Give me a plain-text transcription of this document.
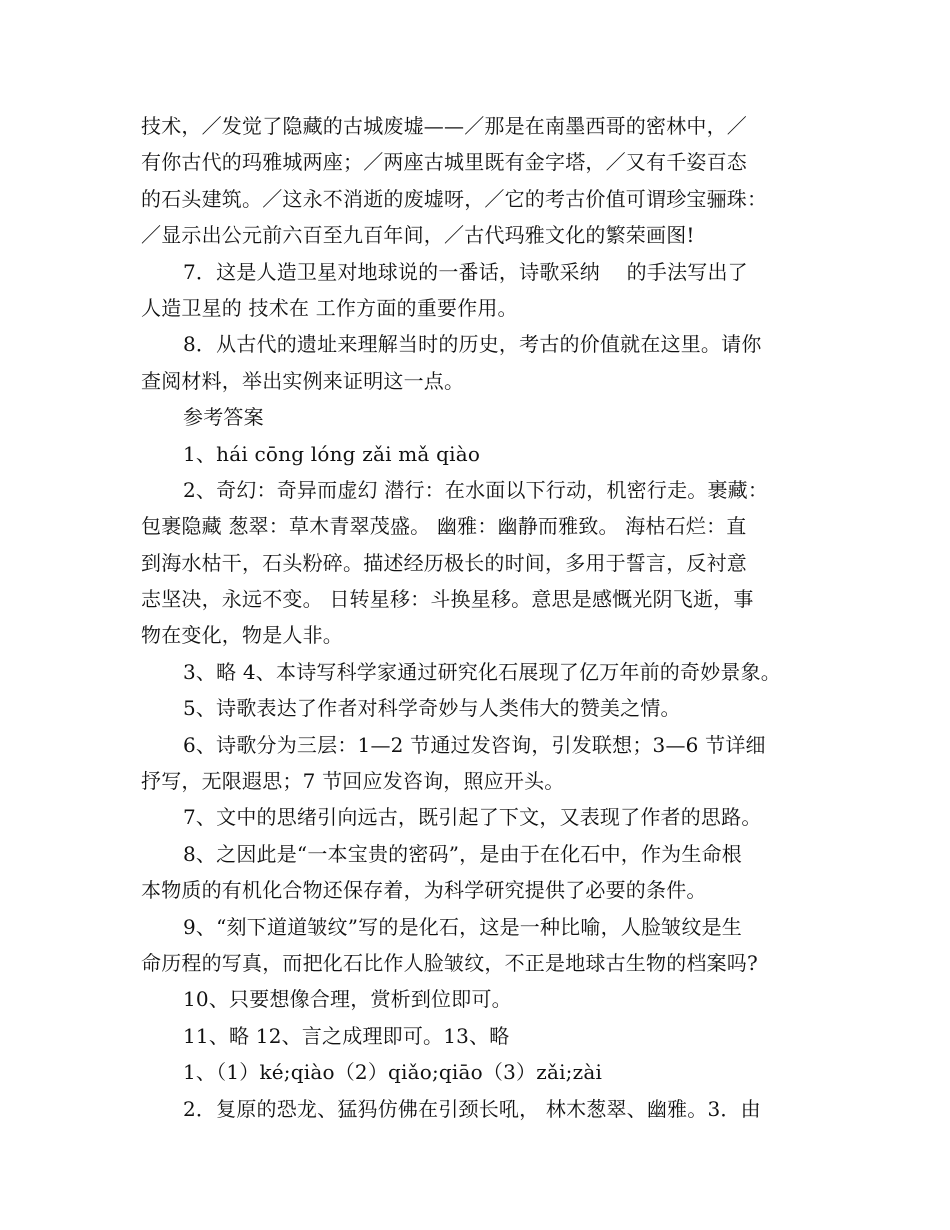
技术，／发觉了隐藏的古城废墟——／那是在南墨西哥的密林中，／
有你古代的玛雅城两座；／两座古城里既有金字塔，／又有千姿百态
的石头建筑。／这永不消逝的废墟呀，／它的考古价值可谓珍宝骊珠：
／显示出公元前六百至九百年间，／古代玛雅文化的繁荣画图!
7．这是人造卫星对地球说的一番话，诗歌采纳　 的手法写出了
人造卫星的 技术在 工作方面的重要作用。
8．从古代的遗址来理解当时的历史，考古的价值就在这里。请你
查阅材料，举出实例来证明这一点。
参考答案
1、hái cōng lóng zǎi mǎ qiào
2、奇幻：奇异而虚幻 潜行：在水面以下行动，机密行走。裹藏：
包裹隐藏 葱翠：草木青翠茂盛。 幽雅：幽静而雅致。 海枯石烂：直
到海水枯干，石头粉碎。描述经历极长的时间，多用于誓言，反衬意
志坚决，永远不变。 日转星移：斗换星移。意思是感慨光阴飞逝，事
物在变化，物是人非。
3、略 4、本诗写科学家通过研究化石展现了亿万年前的奇妙景象。
5、诗歌表达了作者对科学奇妙与人类伟大的赞美之情。
6、诗歌分为三层：1—2 节通过发咨询，引发联想；3—6 节详细
抒写，无限遐思；7 节回应发咨询，照应开头。
7、文中的思绪引向远古，既引起了下文，又表现了作者的思路。
8、之因此是“一本宝贵的密码”，是由于在化石中，作为生命根
本物质的有机化合物还保存着，为科学研究提供了必要的条件。
9、“刻下道道皱纹”写的是化石，这是一种比喻，人脸皱纹是生
命历程的写真，而把化石比作人脸皱纹，不正是地球古生物的档案吗?
10、只要想像合理，赏析到位即可。
11、略 12、言之成理即可。13、略
1、（1）ké;qiào（2）qiǎo;qiāo（3）zǎi;zài
2．复原的恐龙、猛犸仿佛在引颈长吼， 林木葱翠、幽雅。3．由
